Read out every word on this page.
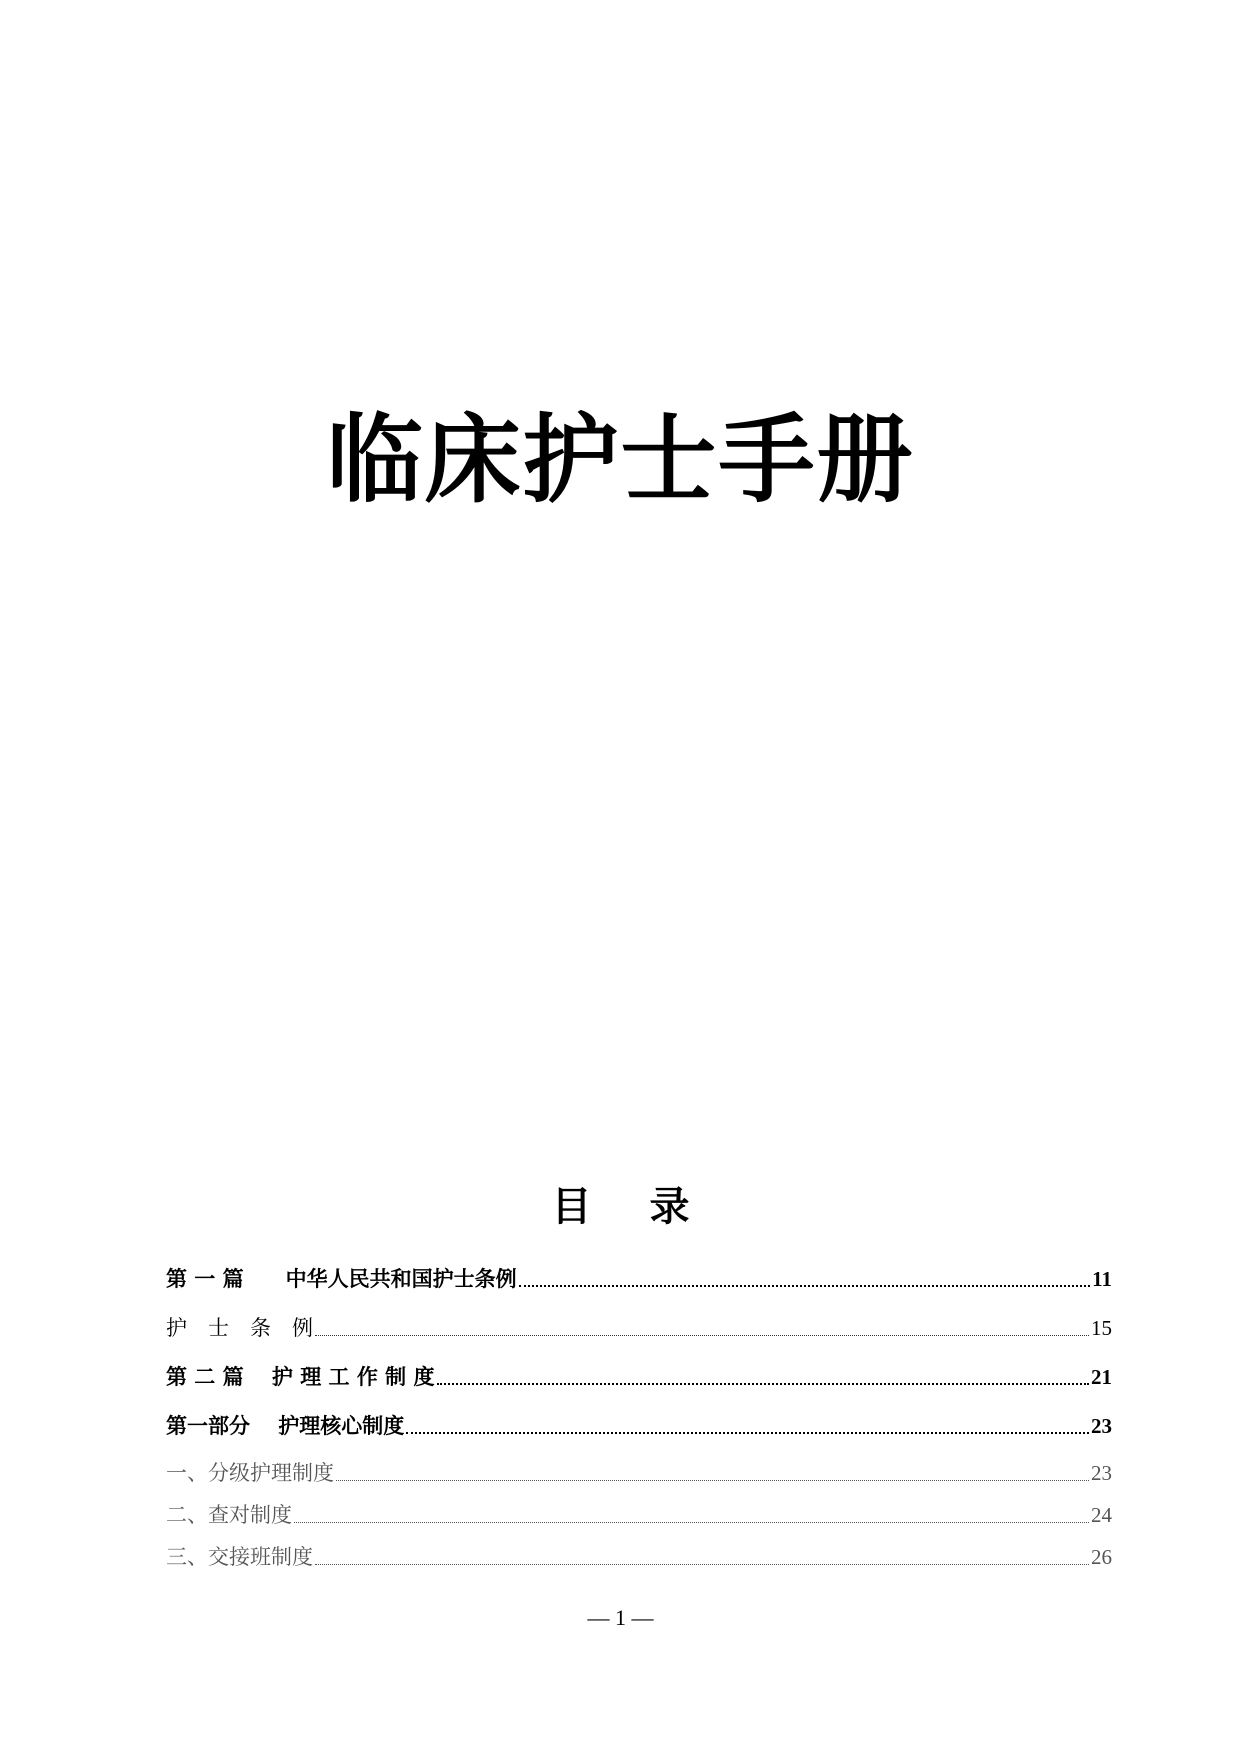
临床护士手册
目 录
第 一 篇　　中华人民共和国护士条例	11
护　士　条　例	15
第 二 篇　 护 理 工 作 制 度	21
第一部分　 护理核心制度	23
一、分级护理制度	23
二、查对制度	24
三、交接班制度	26
— 1 —
